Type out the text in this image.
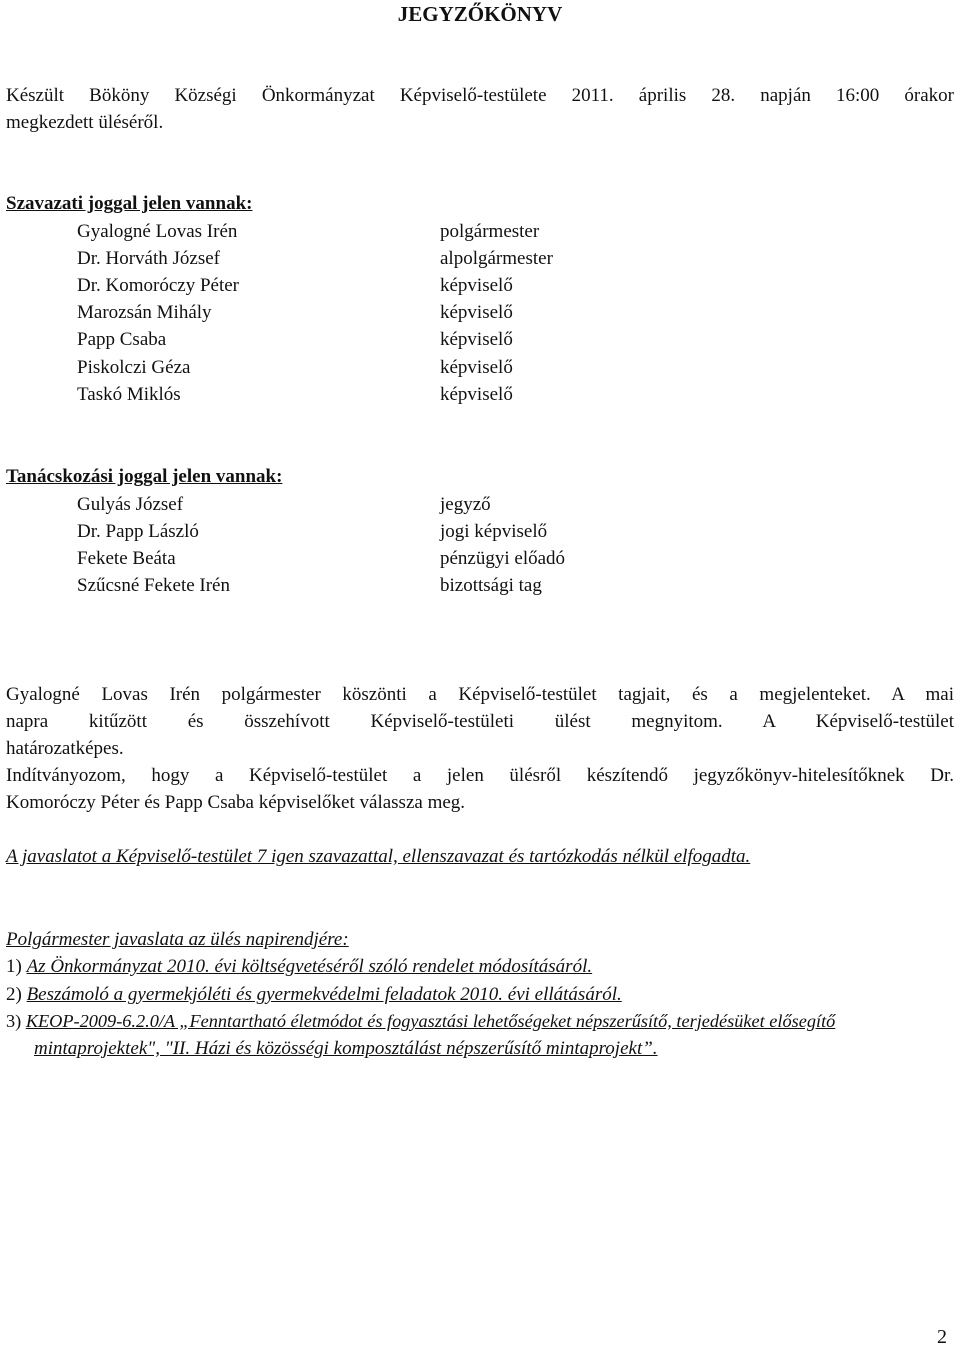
JEGYZŐKÖNYV
Készült Bököny Községi Önkormányzat Képviselő-testülete 2011. április 28. napján 16:00 órakor
megkezdett üléséről.
Szavazati joggal jelen vannak:
Gyalogné Lovas Irén	polgármester
Dr. Horváth József	alpolgármester
Dr. Komoróczy Péter	képviselő
Marozsán Mihály	képviselő
Papp Csaba	képviselő
Piskolczi Géza	képviselő
Taskó Miklós	képviselő
Tanácskozási joggal jelen vannak:
Gulyás József	jegyző
Dr. Papp László	jogi képviselő
Fekete Beáta	pénzügyi előadó
Szűcsné Fekete Irén	bizottsági tag
Gyalogné Lovas Irén polgármester köszönti a Képviselő-testület tagjait, és a megjelenteket. A mai
napra kitűzött és összehívott Képviselő-testületi ülést megnyitom. A Képviselő-testület
határozatképes.
Indítványozom, hogy a Képviselő-testület a jelen ülésről készítendő jegyzőkönyv-hitelesítőknek Dr.
Komoróczy Péter és Papp Csaba képviselőket válassza meg.
A javaslatot a Képviselő-testület 7 igen szavazattal, ellenszavazat és tartózkodás nélkül elfogadta.
Polgármester javaslata az ülés napirendjére:
1) Az Önkormányzat 2010. évi költségvetéséről szóló rendelet módosításáról.
2) Beszámoló a gyermekjóléti és gyermekvédelmi feladatok 2010. évi ellátásáról.
3) KEOP-2009-6.2.0/A „Fenntartható életmódot és fogyasztási lehetőségeket népszerűsítő, terjedésüket elősegítő
mintaprojektek", "II. Házi és közösségi komposztálást népszerűsítő mintaprojekt”.
2
